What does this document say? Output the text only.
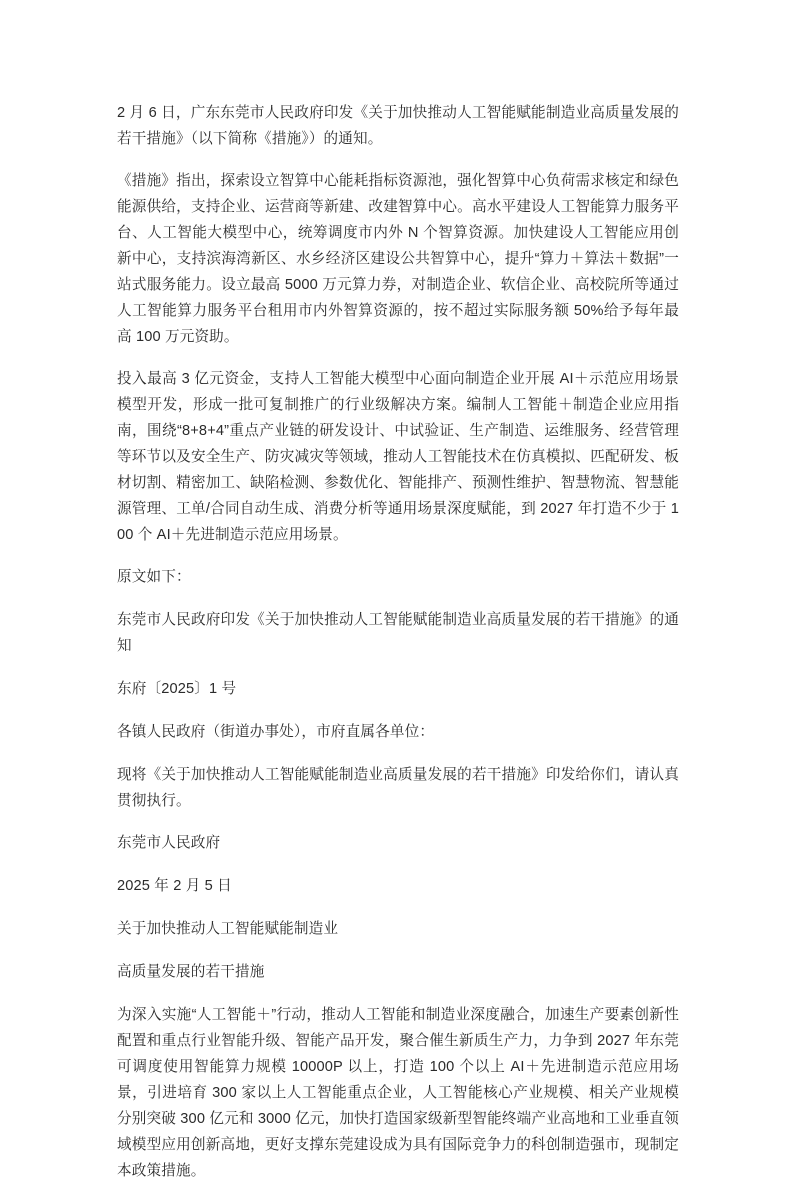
2 月 6 日，广东东莞市人民政府印发《关于加快推动人工智能赋能制造业高质量发展的若干措施》（以下简称《措施》）的通知。

《措施》指出，探索设立智算中心能耗指标资源池，强化智算中心负荷需求核定和绿色能源供给，支持企业、运营商等新建、改建智算中心。高水平建设人工智能算力服务平台、人工智能大模型中心，统筹调度市内外 N 个智算资源。加快建设人工智能应用创新中心，支持滨海湾新区、水乡经济区建设公共智算中心，提升“算力＋算法＋数据”一站式服务能力。设立最高 5000 万元算力券，对制造企业、软信企业、高校院所等通过人工智能算力服务平台租用市内外智算资源的，按不超过实际服务额 50%给予每年最高 100 万元资助。

投入最高 3 亿元资金，支持人工智能大模型中心面向制造企业开展 AI＋示范应用场景模型开发，形成一批可复制推广的行业级解决方案。编制人工智能＋制造企业应用指南，围绕“8+8+4”重点产业链的研发设计、中试验证、生产制造、运维服务、经营管理等环节以及安全生产、防灾减灾等领域，推动人工智能技术在仿真模拟、匹配研发、板材切割、精密加工、缺陷检测、参数优化、智能排产、预测性维护、智慧物流、智慧能源管理、工单/合同自动生成、消费分析等通用场景深度赋能，到 2027 年打造不少于 100 个 AI＋先进制造示范应用场景。

原文如下：

东莞市人民政府印发《关于加快推动人工智能赋能制造业高质量发展的若干措施》的通知

东府〔2025〕1 号

各镇人民政府（街道办事处），市府直属各单位：

现将《关于加快推动人工智能赋能制造业高质量发展的若干措施》印发给你们，请认真贯彻执行。

东莞市人民政府

2025 年 2 月 5 日

关于加快推动人工智能赋能制造业

高质量发展的若干措施

为深入实施“人工智能＋”行动，推动人工智能和制造业深度融合，加速生产要素创新性配置和重点行业智能升级、智能产品开发，聚合催生新质生产力，力争到 2027 年东莞可调度使用智能算力规模 10000P 以上，打造 100 个以上 AI＋先进制造示范应用场景，引进培育 300 家以上人工智能重点企业，人工智能核心产业规模、相关产业规模分别突破 300 亿元和 3000 亿元，加快打造国家级新型智能终端产业高地和工业垂直领域模型应用创新高地，更好支撑东莞建设成为具有国际竞争力的科创制造强市，现制定本政策措施。
